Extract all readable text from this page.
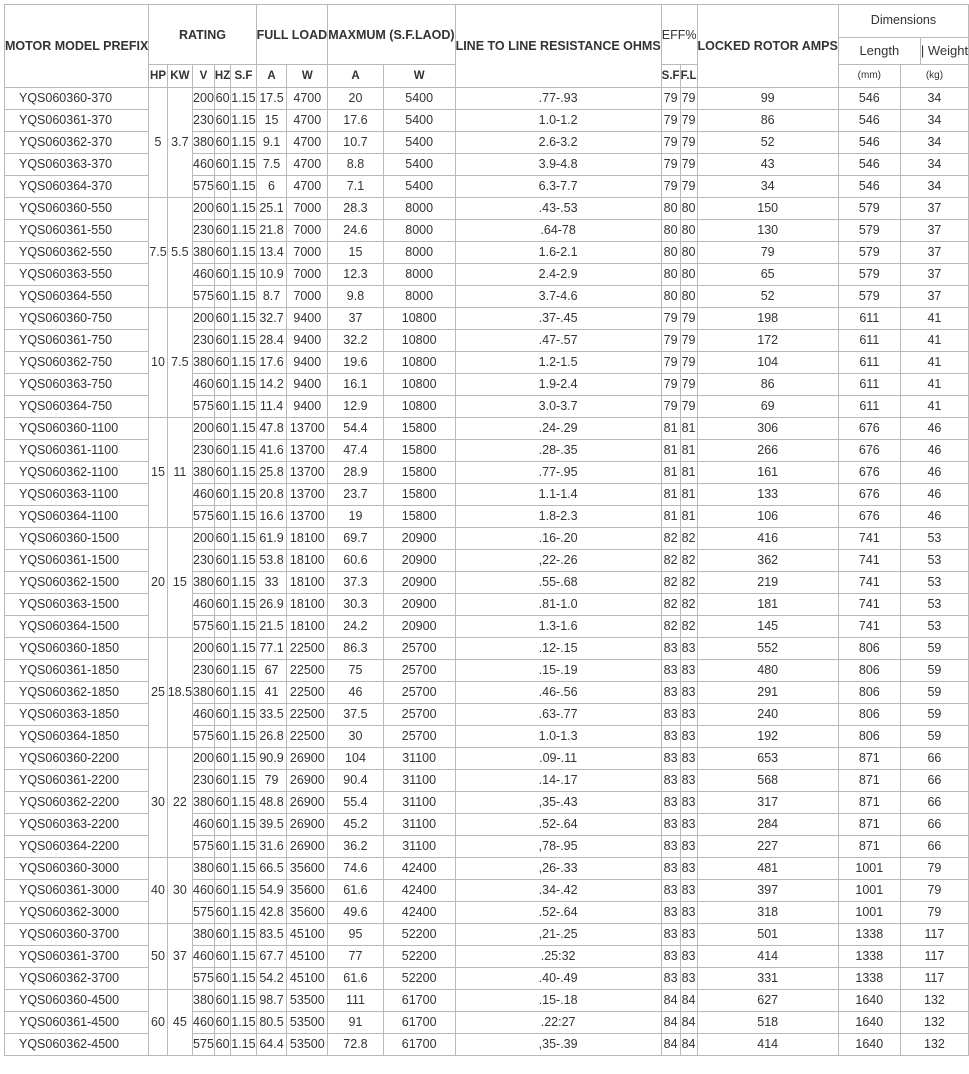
MOTOR MODEL PREFIX	RATING					FULL LOAD		MAXMUM (S.F.LAOD)		LINE TO LINE RESISTANCE OHMS	EFF%		LOCKED ROTOR AMPS	Dimensions
Length | Weight	

	HP	KW	V	HZ	S.F	A	W	A	W		S.F	F.L		(mm)	(kg)
YQS060360-370	5	3.7	200	60	1.15	17.5	4700	20	5400	.77-.93	79	79	99	546	34
YQS060361-370			230	60	1.15	15	4700	17.6	5400	1.0-1.2	79	79	86	546	34
YQS060362-370			380	60	1.15	9.1	4700	10.7	5400	2.6-3.2	79	79	52	546	34
YQS060363-370			460	60	1.15	7.5	4700	8.8	5400	3.9-4.8	79	79	43	546	34
YQS060364-370			575	60	1.15	6	4700	7.1	5400	6.3-7.7	79	79	34	546	34
YQS060360-550	7.5	5.5	200	60	1.15	25.1	7000	28.3	8000	.43-.53	80	80	150	579	37
YQS060361-550			230	60	1.15	21.8	7000	24.6	8000	.64-78	80	80	130	579	37
YQS060362-550			380	60	1.15	13.4	7000	15	8000	1.6-2.1	80	80	79	579	37
YQS060363-550			460	60	1.15	10.9	7000	12.3	8000	2.4-2.9	80	80	65	579	37
YQS060364-550			575	60	1.15	8.7	7000	9.8	8000	3.7-4.6	80	80	52	579	37
YQS060360-750	10	7.5	200	60	1.15	32.7	9400	37	10800	.37-.45	79	79	198	611	41
YQS060361-750			230	60	1.15	28.4	9400	32.2	10800	.47-.57	79	79	172	611	41
YQS060362-750			380	60	1.15	17.6	9400	19.6	10800	1.2-1.5	79	79	104	611	41
YQS060363-750			460	60	1.15	14.2	9400	16.1	10800	1.9-2.4	79	79	86	611	41
YQS060364-750			575	60	1.15	11.4	9400	12.9	10800	3.0-3.7	79	79	69	611	41
YQS060360-1100	15	11	200	60	1.15	47.8	13700	54.4	15800	.24-.29	81	81	306	676	46
YQS060361-1100			230	60	1.15	41.6	13700	47.4	15800	.28-.35	81	81	266	676	46
YQS060362-1100			380	60	1.15	25.8	13700	28.9	15800	.77-.95	81	81	161	676	46
YQS060363-1100			460	60	1.15	20.8	13700	23.7	15800	1.1-1.4	81	81	133	676	46
YQS060364-1100			575	60	1.15	16.6	13700	19	15800	1.8-2.3	81	81	106	676	46
YQS060360-1500	20	15	200	60	1.15	61.9	18100	69.7	20900	.16-.20	82	82	416	741	53
YQS060361-1500			230	60	1.15	53.8	18100	60.6	20900	,22-.26	82	82	362	741	53
YQS060362-1500			380	60	1.15	33	18100	37.3	20900	.55-.68	82	82	219	741	53
YQS060363-1500			460	60	1.15	26.9	18100	30.3	20900	.81-1.0	82	82	181	741	53
YQS060364-1500			575	60	1.15	21.5	18100	24.2	20900	1.3-1.6	82	82	145	741	53
YQS060360-1850	25	18.5	200	60	1.15	77.1	22500	86.3	25700	.12-.15	83	83	552	806	59
YQS060361-1850			230	60	1.15	67	22500	75	25700	.15-.19	83	83	480	806	59
YQS060362-1850			380	60	1.15	41	22500	46	25700	.46-.56	83	83	291	806	59
YQS060363-1850			460	60	1.15	33.5	22500	37.5	25700	.63-.77	83	83	240	806	59
YQS060364-1850			575	60	1.15	26.8	22500	30	25700	1.0-1.3	83	83	192	806	59
YQS060360-2200	30	22	200	60	1.15	90.9	26900	104	31100	.09-.11	83	83	653	871	66
YQS060361-2200			230	60	1.15	79	26900	90.4	31100	.14-.17	83	83	568	871	66
YQS060362-2200			380	60	1.15	48.8	26900	55.4	31100	,35-.43	83	83	317	871	66
YQS060363-2200			460	60	1.15	39.5	26900	45.2	31100	.52-.64	83	83	284	871	66
YQS060364-2200			575	60	1.15	31.6	26900	36.2	31100	,78-.95	83	83	227	871	66
YQS060360-3000	40	30	380	60	1.15	66.5	35600	74.6	42400	,26-.33	83	83	481	1001	79
YQS060361-3000			460	60	1.15	54.9	35600	61.6	42400	.34-.42	83	83	397	1001	79
YQS060362-3000			575	60	1.15	42.8	35600	49.6	42400	.52-.64	83	83	318	1001	79
YQS060360-3700	50	37	380	60	1.15	83.5	45100	95	52200	,21-.25	83	83	501	1338	117
YQS060361-3700			460	60	1.15	67.7	45100	77	52200	.25:32	83	83	414	1338	117
YQS060362-3700			575	60	1.15	54.2	45100	61.6	52200	.40-.49	83	83	331	1338	117
YQS060360-4500	60	45	380	60	1.15	98.7	53500	111	61700	.15-.18	84	84	627	1640	132
YQS060361-4500			460	60	1.15	80.5	53500	91	61700	.22:27	84	84	518	1640	132
YQS060362-4500			575	60	1.15	64.4	53500	72.8	61700	,35-.39	84	84	414	1640	132
